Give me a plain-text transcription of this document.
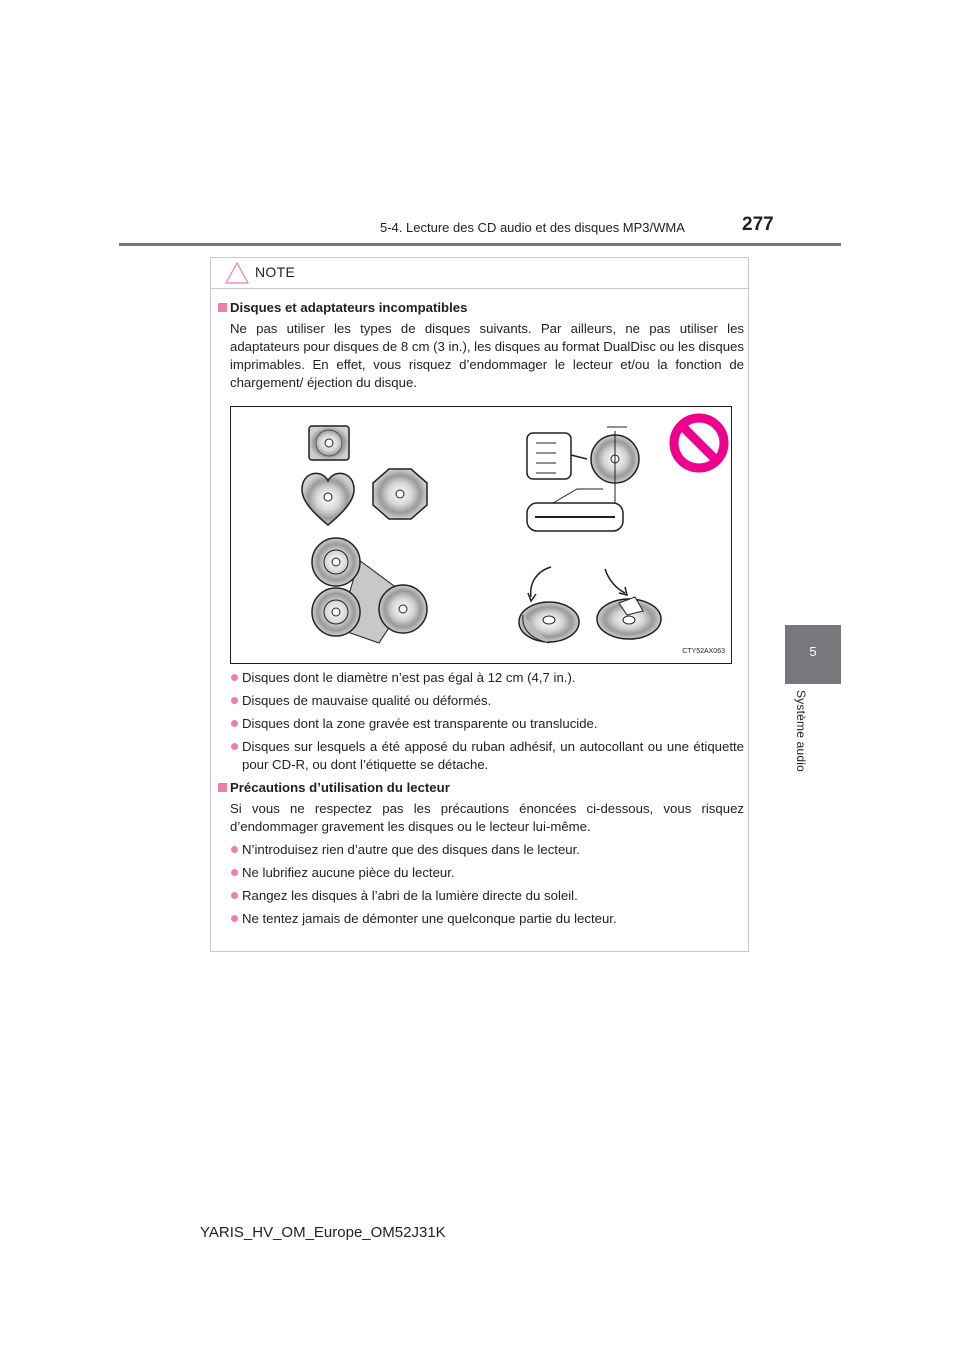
5-4. Lecture des CD audio et des disques MP3/WMA	277
5
Système audio
NOTE
Disques et adaptateurs incompatibles
Ne pas utiliser les types de disques suivants. Par ailleurs, ne pas utiliser les adaptateurs pour disques de 8 cm (3 in.), les disques au format DualDisc ou les disques imprimables. En effet, vous risquez d’endommager le lecteur et/ou la fonction de chargement/ éjection du disque.
CTY52AX063
Disques dont le diamètre n’est pas égal à 12 cm (4,7 in.).
Disques de mauvaise qualité ou déformés.
Disques dont la zone gravée est transparente ou translucide.
Disques sur lesquels a été apposé du ruban adhésif, un autocollant ou une étiquette pour CD-R, ou dont l’étiquette se détache.
Précautions d’utilisation du lecteur
Si vous ne respectez pas les précautions énoncées ci-dessous, vous risquez d’endommager gravement les disques ou le lecteur lui-même.
N’introduisez rien d’autre que des disques dans le lecteur.
Ne lubrifiez aucune pièce du lecteur.
Rangez les disques à l’abri de la lumière directe du soleil.
Ne tentez jamais de démonter une quelconque partie du lecteur.
YARIS_HV_OM_Europe_OM52J31K
